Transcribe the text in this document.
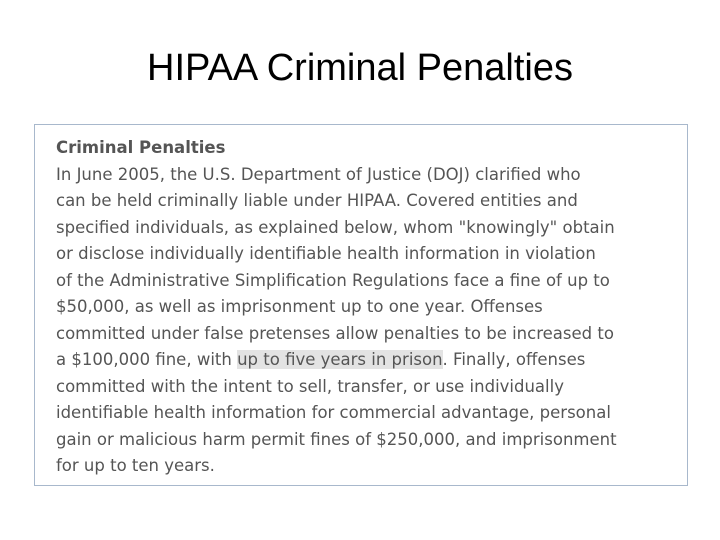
HIPAA Criminal Penalties
Criminal Penalties
In June 2005, the U.S. Department of Justice (DOJ) clarified who
can be held criminally liable under HIPAA. Covered entities and
specified individuals, as explained below, whom "knowingly" obtain
or disclose individually identifiable health information in violation
of the Administrative Simplification Regulations face a fine of up to
$50,000, as well as imprisonment up to one year. Offenses
committed under false pretenses allow penalties to be increased to
a $100,000 fine, with up to five years in prison. Finally, offenses
committed with the intent to sell, transfer, or use individually
identifiable health information for commercial advantage, personal
gain or malicious harm permit fines of $250,000, and imprisonment
for up to ten years.
